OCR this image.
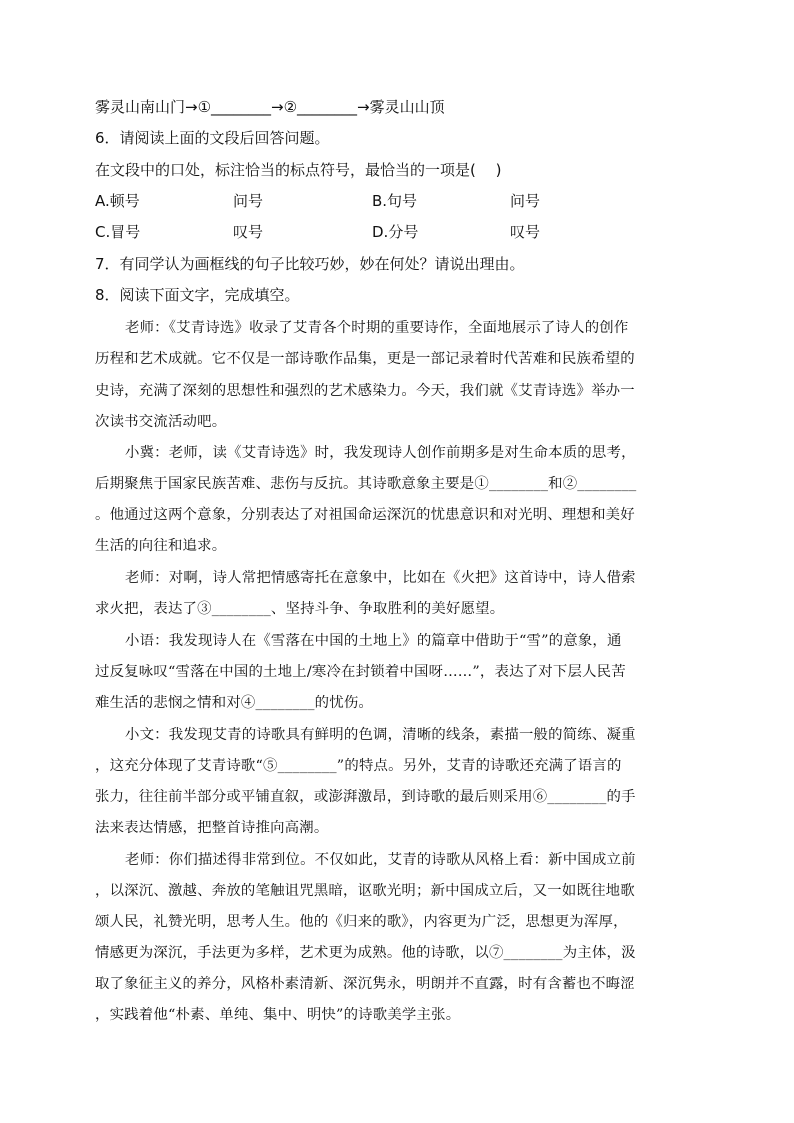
雾灵山南山门→①________→②________→雾灵山山顶
6．请阅读上面的文段后回答问题。
在文段中的口处，标注恰当的标点符号，最恰当的一项是(　 )
A.顿号	问号	B.句号	问号
C.冒号	叹号	D.分号	叹号
7．有同学认为画框线的句子比较巧妙，妙在何处？请说出理由。
8．阅读下面文字，完成填空。
老师：《艾青诗选》收录了艾青各个时期的重要诗作，全面地展示了诗人的创作
历程和艺术成就。它不仅是一部诗歌作品集，更是一部记录着时代苦难和民族希望的
史诗，充满了深刻的思想性和强烈的艺术感染力。今天，我们就《艾青诗选》举办一
次读书交流活动吧。
小冀：老师，读《艾青诗选》时，我发现诗人创作前期多是对生命本质的思考，
后期聚焦于国家民族苦难、悲伤与反抗。其诗歌意象主要是①________和②________
。他通过这两个意象，分别表达了对祖国命运深沉的忧患意识和对光明、理想和美好
生活的向往和追求。
老师：对啊，诗人常把情感寄托在意象中，比如在《火把》这首诗中，诗人借索
求火把，表达了③________、坚持斗争、争取胜利的美好愿望。
小语：我发现诗人在《雪落在中国的土地上》的篇章中借助于“雪”的意象，通
过反复咏叹“雪落在中国的土地上/寒冷在封锁着中国呀……”，表达了对下层人民苦
难生活的悲悯之情和对④________的忧伤。
小文：我发现艾青的诗歌具有鲜明的色调，清晰的线条，素描一般的简练、凝重
，这充分体现了艾青诗歌“⑤________”的特点。另外，艾青的诗歌还充满了语言的
张力，往往前半部分或平铺直叙，或澎湃激昂，到诗歌的最后则采用⑥________的手
法来表达情感，把整首诗推向高潮。
老师：你们描述得非常到位。不仅如此，艾青的诗歌从风格上看：新中国成立前
，以深沉、激越、奔放的笔触诅咒黑暗，讴歌光明；新中国成立后，又一如既往地歌
颂人民，礼赞光明，思考人生。他的《归来的歌》，内容更为广泛，思想更为浑厚，
情感更为深沉，手法更为多样，艺术更为成熟。他的诗歌，以⑦________为主体，汲
取了象征主义的养分，风格朴素清新、深沉隽永，明朗并不直露，时有含蓄也不晦涩
，实践着他“朴素、单纯、集中、明快”的诗歌美学主张。
